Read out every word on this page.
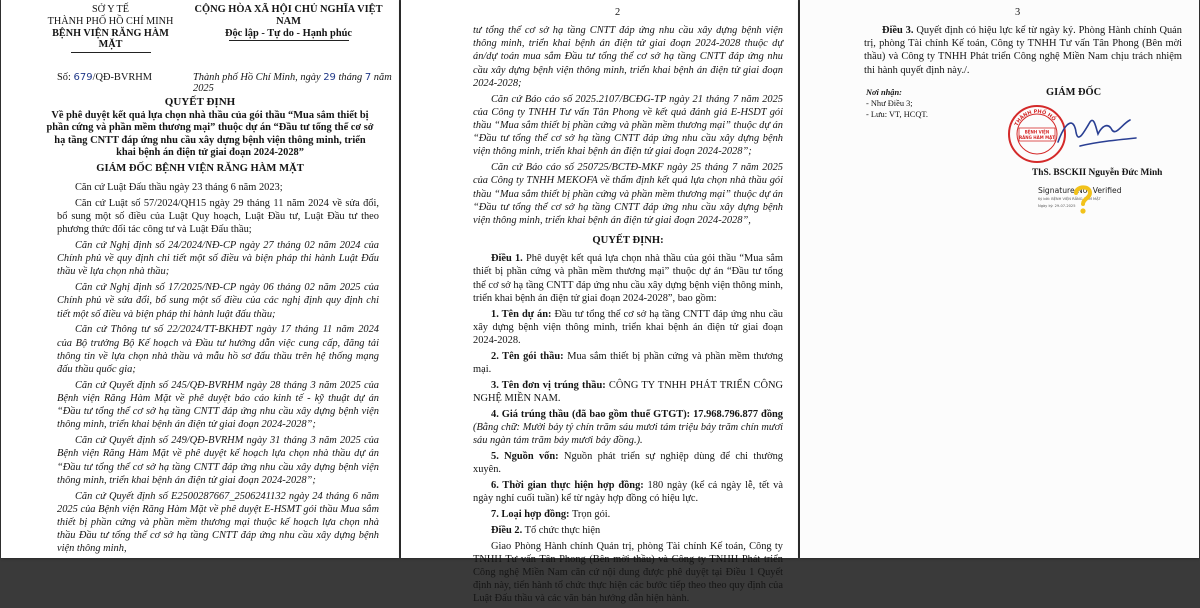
SỞ Y TẾ
THÀNH PHỐ HỒ CHÍ MINH
BỆNH VIỆN RĂNG HÀM MẶT
CỘNG HÒA XÃ HỘI CHỦ NGHĨA VIỆT NAM
Độc lập - Tự do - Hạnh phúc
Số: 679/QĐ-BVRHM	Thành phố Hồ Chí Minh, ngày 29 tháng 7 năm 2025
QUYẾT ĐỊNH
Về phê duyệt kết quả lựa chọn nhà thầu của gói thầu “Mua sắm thiết bị phần cứng và phần mềm thương mại” thuộc dự án “Đầu tư tổng thể cơ sở hạ tầng CNTT đáp ứng nhu cầu xây dựng bệnh viện thông minh, triển khai bệnh án điện tử giai đoạn 2024-2028”
GIÁM ĐỐC BỆNH VIỆN RĂNG HÀM MẶT

Căn cứ Luật Đấu thầu ngày 23 tháng 6 năm 2023;

Căn cứ Luật số 57/2024/QH15 ngày 29 tháng 11 năm 2024 về sửa đổi, bổ sung một số điều của Luật Quy hoạch, Luật Đầu tư, Luật Đầu tư theo phương thức đối tác công tư và Luật Đấu thầu;

Căn cứ Nghị định số 24/2024/NĐ-CP ngày 27 tháng 02 năm 2024 của Chính phủ về quy định chi tiết một số điều và biện pháp thi hành Luật Đấu thầu về lựa chọn nhà thầu;

Căn cứ Nghị định số 17/2025/NĐ-CP ngày 06 tháng 02 năm 2025 của Chính phủ về sửa đổi, bổ sung một số điều của các nghị định quy định chi tiết một số điều và biện pháp thi hành luật đấu thầu;

Căn cứ Thông tư số 22/2024/TT-BKHĐT ngày 17 tháng 11 năm 2024 của Bộ trưởng Bộ Kế hoạch và Đầu tư hướng dẫn việc cung cấp, đăng tải thông tin về lựa chọn nhà thầu và mẫu hồ sơ đấu thầu trên hệ thống mạng đấu thầu quốc gia;

Căn cứ Quyết định số 245/QĐ-BVRHM ngày 28 tháng 3 năm 2025 của Bệnh viện Răng Hàm Mặt về phê duyệt báo cáo kinh tế - kỹ thuật dự án “Đầu tư tổng thể cơ sở hạ tầng CNTT đáp ứng nhu cầu xây dựng bệnh viện thông minh, triển khai bệnh án điện tử giai đoạn 2024-2028”;

Căn cứ Quyết định số 249/QĐ-BVRHM ngày 31 tháng 3 năm 2025 của Bệnh viện Răng Hàm Mặt về phê duyệt kế hoạch lựa chọn nhà thầu dự án “Đầu tư tổng thể cơ sở hạ tầng CNTT đáp ứng nhu cầu xây dựng bệnh viện thông minh, triển khai bệnh án điện tử giai đoạn 2024-2028”;

Căn cứ Quyết định số E2500287667_2506241132 ngày 24 tháng 6 năm 2025 của Bệnh viện Răng Hàm Mặt về phê duyệt E-HSMT gói thầu Mua sắm thiết bị phần cứng và phần mềm thương mại thuộc kế hoạch lựa chọn nhà thầu Đầu tư tổng thể cơ sở hạ tầng CNTT đáp ứng nhu cầu xây dựng bệnh viện thông minh,

2

tư tổng thể cơ sở hạ tầng CNTT đáp ứng nhu cầu xây dựng bệnh viện thông minh, triển khai bệnh án điện tử giai đoạn 2024-2028 thuộc dự án/dự toán mua sắm Đầu tư tổng thể cơ sở hạ tầng CNTT đáp ứng nhu cầu xây dựng bệnh viện thông minh, triển khai bệnh án điện tử giai đoạn 2024-2028;

Căn cứ Báo cáo số 2025.2107/BCĐG-TP ngày 21 tháng 7 năm 2025 của Công ty TNHH Tư vấn Tân Phong về kết quả đánh giá E-HSDT gói thầu “Mua sắm thiết bị phần cứng và phần mềm thương mại” thuộc dự án “Đầu tư tổng thể cơ sở hạ tầng CNTT đáp ứng nhu cầu xây dựng bệnh viện thông minh, triển khai bệnh án điện tử giai đoạn 2024-2028”;

Căn cứ Báo cáo số 250725/BCTĐ-MKF ngày 25 tháng 7 năm 2025 của Công ty TNHH MEKOFA về thẩm định kết quả lựa chọn nhà thầu gói thầu “Mua sắm thiết bị phần cứng và phần mềm thương mại” thuộc dự án “Đầu tư tổng thể cơ sở hạ tầng CNTT đáp ứng nhu cầu xây dựng bệnh viện thông minh, triển khai bệnh án điện tử giai đoạn 2024-2028”,

QUYẾT ĐỊNH:

Điều 1. Phê duyệt kết quả lựa chọn nhà thầu của gói thầu “Mua sắm thiết bị phần cứng và phần mềm thương mại” thuộc dự án “Đầu tư tổng thể cơ sở hạ tầng CNTT đáp ứng nhu cầu xây dựng bệnh viện thông minh, triển khai bệnh án điện tử giai đoạn 2024-2028”, bao gồm:

1. Tên dự án: Đầu tư tổng thể cơ sở hạ tầng CNTT đáp ứng nhu cầu xây dựng bệnh viện thông minh, triển khai bệnh án điện tử giai đoạn 2024-2028.

2. Tên gói thầu: Mua sắm thiết bị phần cứng và phần mềm thương mại.

3. Tên đơn vị trúng thầu: CÔNG TY TNHH PHÁT TRIỂN CÔNG NGHỆ MIỀN NAM.

4. Giá trúng thầu (đã bao gồm thuế GTGT): 17.968.796.877 đồng (Bằng chữ: Mười bảy tỷ chín trăm sáu mươi tám triệu bảy trăm chín mươi sáu ngàn tám trăm bảy mươi bảy đồng.).

5. Nguồn vốn: Nguồn phát triển sự nghiệp dùng để chi thường xuyên.

6. Thời gian thực hiện hợp đồng: 180 ngày (kể cả ngày lễ, tết và ngày nghỉ cuối tuần) kể từ ngày hợp đồng có hiệu lực.

7. Loại hợp đồng: Trọn gói.

Điều 2. Tổ chức thực hiện

Giao Phòng Hành chính Quản trị, phòng Tài chính Kế toán, Công ty TNHH Tư vấn Tân Phong (Bên mời thầu) và Công ty TNHH Phát triển Công nghệ Miền Nam căn cứ nội dung được phê duyệt tại Điều 1 Quyết định này, tiến hành tổ chức thực hiện các bước tiếp theo theo quy định của Luật Đấu thầu và các văn bản hướng dẫn hiện hành.

3

Điều 3. Quyết định có hiệu lực kể từ ngày ký. Phòng Hành chính Quản trị, phòng Tài chính Kế toán, Công ty TNHH Tư vấn Tân Phong (Bên mời thầu) và Công ty TNHH Phát triển Công nghệ Miền Nam chịu trách nhiệm thi hành quyết định này./.

Nơi nhận:
- Như Điều 3;
- Lưu: VT, HCQT.
GIÁM ĐỐC
THÀNH PHỐ HỒ
BỆNH VIỆN
RĂNG HÀM MẶT
ThS. BSCKII Nguyễn Đức Minh
Signature Not Verified
Ký bởi: BỆNH VIỆN RĂNG HÀM MẶT
Ngày ký: 29-07-2025
